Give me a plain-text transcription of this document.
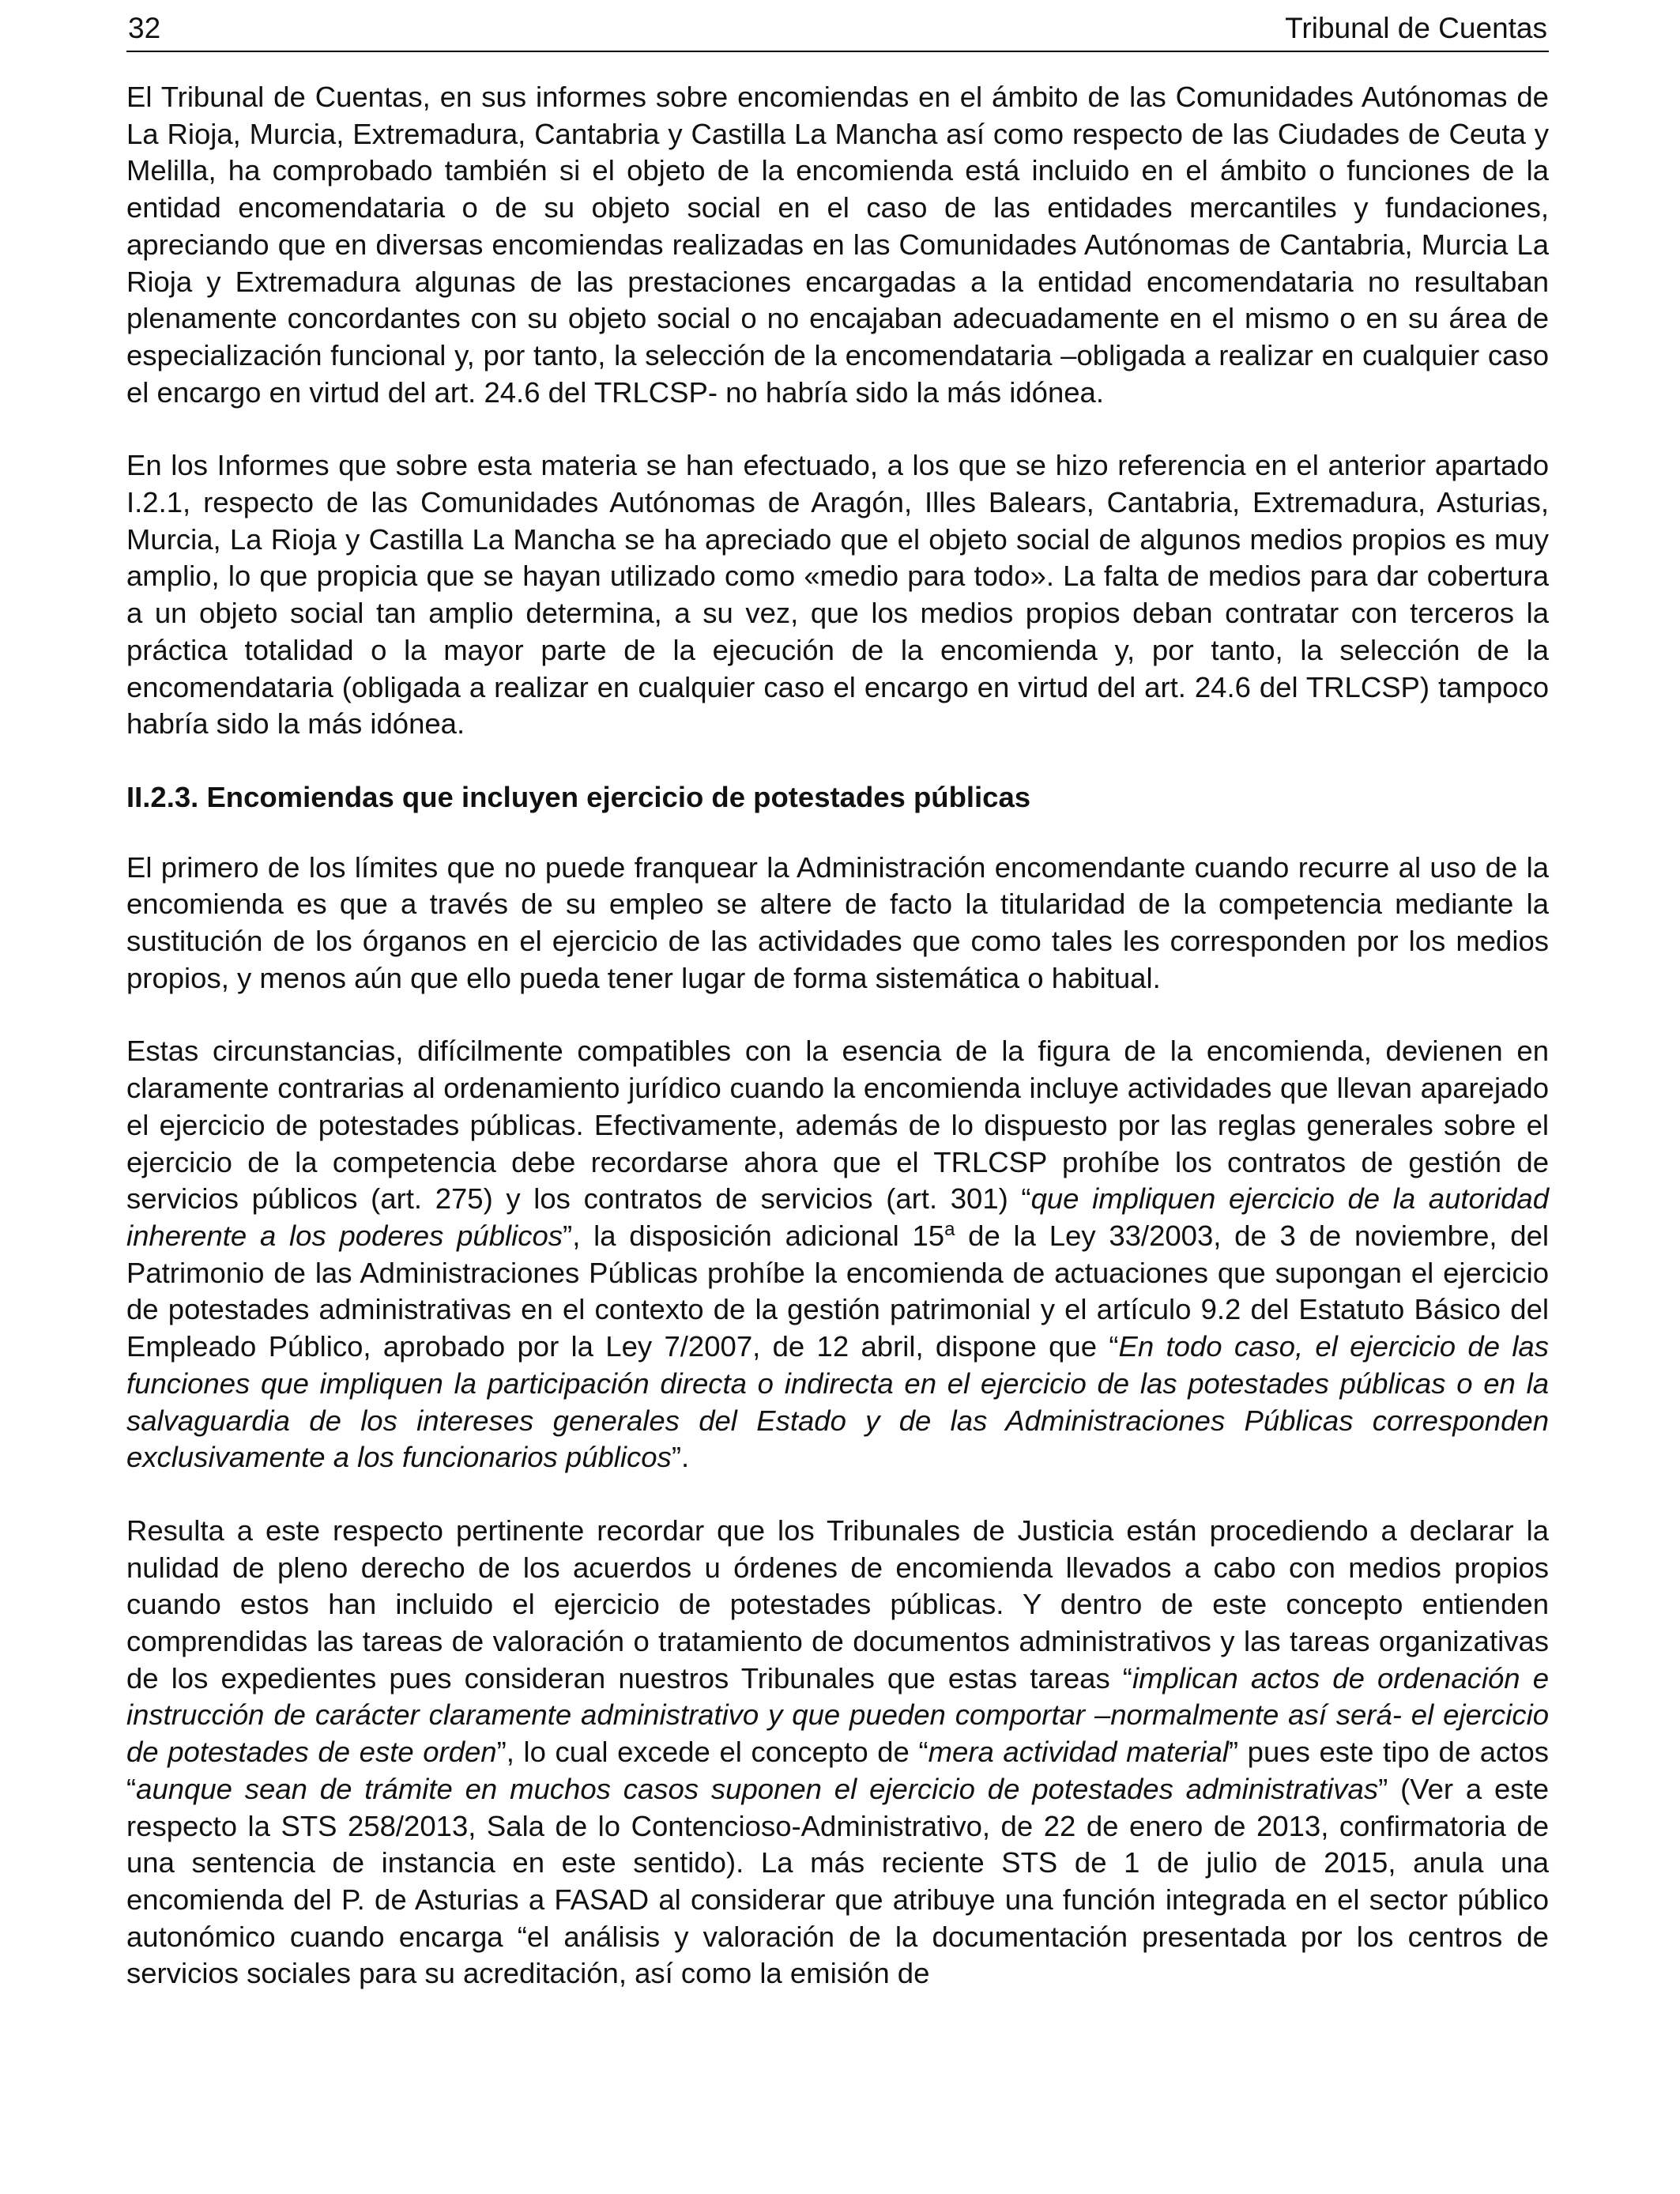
32	Tribunal de Cuentas

El Tribunal de Cuentas, en sus informes sobre encomiendas en el ámbito de las Comunidades Autónomas de La Rioja, Murcia, Extremadura, Cantabria y Castilla La Mancha así como respecto de las Ciudades de Ceuta y Melilla, ha comprobado también si el objeto de la encomienda está incluido en el ámbito o funciones de la entidad encomendataria o de su objeto social en el caso de las entidades mercantiles y fundaciones, apreciando que en diversas encomiendas realizadas en las Comunidades Autónomas de Cantabria, Murcia La Rioja y Extremadura algunas de las prestaciones encargadas a la entidad encomendataria no resultaban plenamente concordantes con su objeto social o no encajaban adecuadamente en el mismo o en su área de especialización funcional y, por tanto, la selección de la encomendataria –obligada a realizar en cualquier caso el encargo en virtud del art. 24.6 del TRLCSP- no habría sido la más idónea.

En los Informes que sobre esta materia se han efectuado, a los que se hizo referencia en el anterior apartado I.2.1, respecto de las Comunidades Autónomas de Aragón, Illes Balears, Cantabria, Extremadura, Asturias, Murcia, La Rioja y Castilla La Mancha se ha apreciado que el objeto social de algunos medios propios es muy amplio, lo que propicia que se hayan utilizado como «medio para todo». La falta de medios para dar cobertura a un objeto social tan amplio determina, a su vez, que los medios propios deban contratar con terceros la práctica totalidad o la mayor parte de la ejecución de la encomienda y, por tanto, la selección de la encomendataria (obligada a realizar en cualquier caso el encargo en virtud del art. 24.6 del TRLCSP) tampoco habría sido la más idónea.

II.2.3. Encomiendas que incluyen ejercicio de potestades públicas

El primero de los límites que no puede franquear la Administración encomendante cuando recurre al uso de la encomienda es que a través de su empleo se altere de facto la titularidad de la competencia mediante la sustitución de los órganos en el ejercicio de las actividades que como tales les corresponden por los medios propios, y menos aún que ello pueda tener lugar de forma sistemática o habitual.

Estas circunstancias, difícilmente compatibles con la esencia de la figura de la encomienda, devienen en claramente contrarias al ordenamiento jurídico cuando la encomienda incluye actividades que llevan aparejado el ejercicio de potestades públicas. Efectivamente, además de lo dispuesto por las reglas generales sobre el ejercicio de la competencia debe recordarse ahora que el TRLCSP prohíbe los contratos de gestión de servicios públicos (art. 275) y los contratos de servicios (art. 301) “que impliquen ejercicio de la autoridad inherente a los poderes públicos”, la disposición adicional 15$^a$ de la Ley 33/2003, de 3 de noviembre, del Patrimonio de las Administraciones Públicas prohíbe la encomienda de actuaciones que supongan el ejercicio de potestades administrativas en el contexto de la gestión patrimonial y el artículo 9.2 del Estatuto Básico del Empleado Público, aprobado por la Ley 7/2007, de 12 abril, dispone que “En todo caso, el ejercicio de las funciones que impliquen la participación directa o indirecta en el ejercicio de las potestades públicas o en la salvaguardia de los intereses generales del Estado y de las Administraciones Públicas corresponden exclusivamente a los funcionarios públicos”.

Resulta a este respecto pertinente recordar que los Tribunales de Justicia están procediendo a declarar la nulidad de pleno derecho de los acuerdos u órdenes de encomienda llevados a cabo con medios propios cuando estos han incluido el ejercicio de potestades públicas. Y dentro de este concepto entienden comprendidas las tareas de valoración o tratamiento de documentos administrativos y las tareas organizativas de los expedientes pues consideran nuestros Tribunales que estas tareas “implican actos de ordenación e instrucción de carácter claramente administrativo y que pueden comportar –normalmente así será- el ejercicio de potestades de este orden”, lo cual excede el concepto de “mera actividad material” pues este tipo de actos “aunque sean de trámite en muchos casos suponen el ejercicio de potestades administrativas” (Ver a este respecto la STS 258/2013, Sala de lo Contencioso-Administrativo, de 22 de enero de 2013, confirmatoria de una sentencia de instancia en este sentido). La más reciente STS de 1 de julio de 2015, anula una encomienda del P. de Asturias a FASAD al considerar que atribuye una función integrada en el sector público autonómico cuando encarga “el análisis y valoración de la documentación presentada por los centros de servicios sociales para su acreditación, así como la emisión de
